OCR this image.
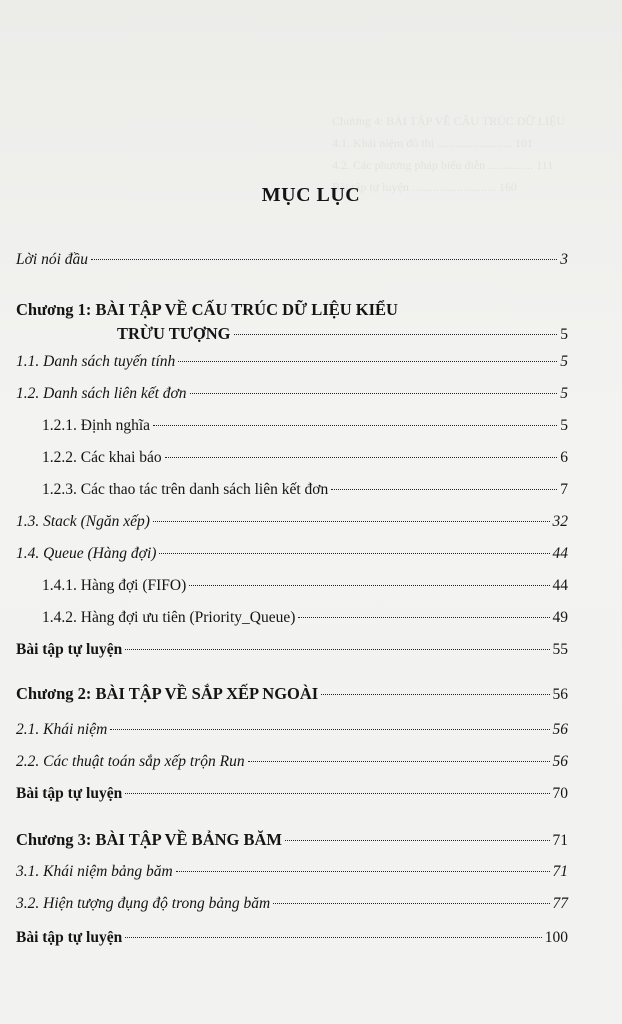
Chương 4: BÀI TẬP VỀ CẤU TRÚC DỮ LIỆU
4.1. Khái niệm đồ thị ......................... 101
4.2. Các phương pháp biểu diễn ............... 111
Bài tập tự luyện ............................ 160
MỤC LỤC
Lời nói đầu	3
Chương 1: BÀI TẬP VỀ CẤU TRÚC DỮ LIỆU KIỂU
TRỪU TƯỢNG	5
1.1. Danh sách tuyến tính	5
1.2. Danh sách liên kết đơn	5
1.2.1. Định nghĩa	5
1.2.2. Các khai báo	6
1.2.3. Các thao tác trên danh sách liên kết đơn	7
1.3. Stack (Ngăn xếp)	32
1.4. Queue (Hàng đợi)	44
1.4.1. Hàng đợi (FIFO)	44
1.4.2. Hàng đợi ưu tiên (Priority_Queue)	49
Bài tập tự luyện	55
Chương 2: BÀI TẬP VỀ SẮP XẾP NGOÀI	56
2.1. Khái niệm	56
2.2. Các thuật toán sắp xếp trộn Run	56
Bài tập tự luyện	70
Chương 3: BÀI TẬP VỀ BẢNG BĂM	71
3.1. Khái niệm bảng băm	71
3.2. Hiện tượng đụng độ trong bảng băm	77
Bài tập tự luyện	100
